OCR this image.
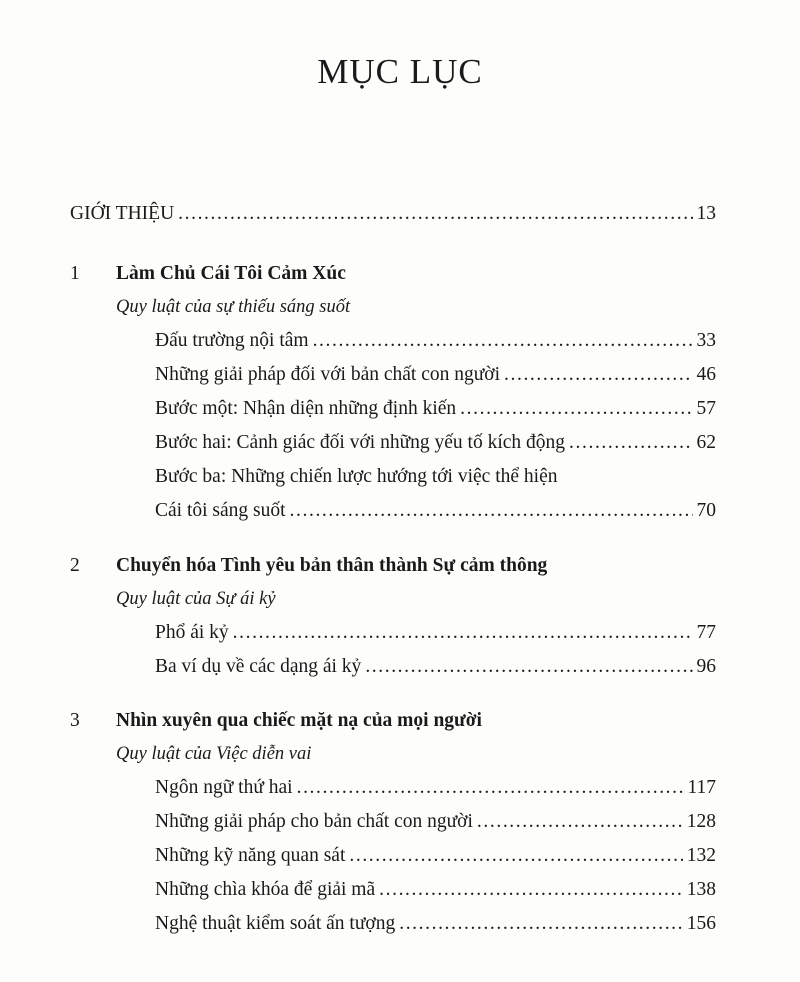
MỤC LỤC
GIỚI THIỆU .....	13
1 Làm Chủ Cái Tôi Cảm Xúc
Quy luật của sự thiếu sáng suốt
Đấu trường nội tâm .....	33
Những giải pháp đối với bản chất con người .....	46
Bước một: Nhận diện những định kiến .....	57
Bước hai: Cảnh giác đối với những yếu tố kích động .....	62
Bước ba: Những chiến lược hướng tới việc thể hiện
Cái tôi sáng suốt .....	70
2 Chuyển hóa Tình yêu bản thân thành Sự cảm thông
Quy luật của Sự ái kỷ
Phổ ái kỷ .....	77
Ba ví dụ về các dạng ái kỷ .....	96
3 Nhìn xuyên qua chiếc mặt nạ của mọi người
Quy luật của Việc diễn vai
Ngôn ngữ thứ hai .....	117
Những giải pháp cho bản chất con người .....	128
Những kỹ năng quan sát .....	132
Những chìa khóa để giải mã .....	138
Nghệ thuật kiểm soát ấn tượng .....	156
